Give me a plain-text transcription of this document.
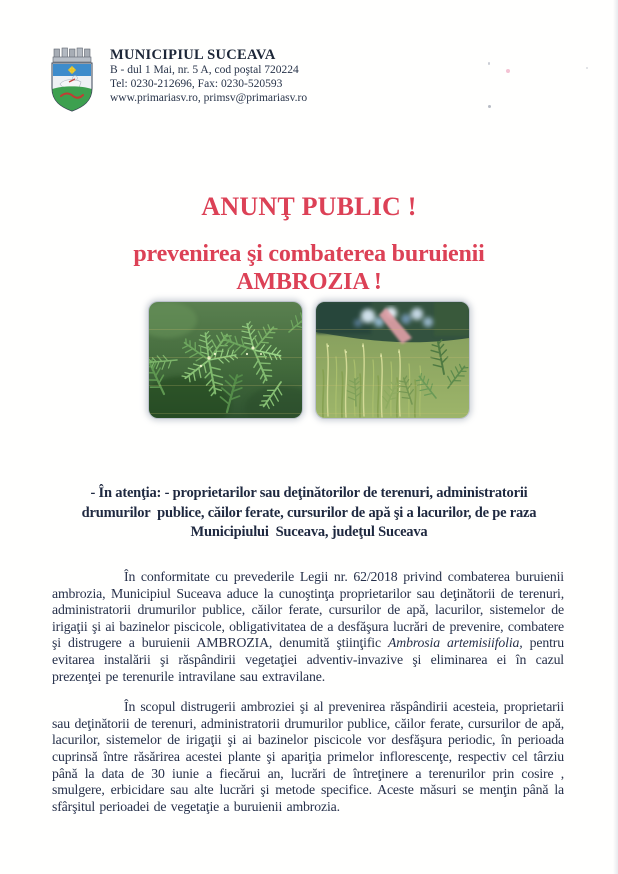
MUNICIPIUL SUCEAVA
B - dul 1 Mai, nr. 5 A, cod poştal 720224
Tel: 0230-212696, Fax: 0230-520593
www.primariasv.ro, primsv@primariasv.ro
ANUNŢ PUBLIC !
prevenirea şi combaterea buruienii
AMBROZIA !
- În atenţia: - proprietarilor sau deţinătorilor de terenuri, administratorii
drumurilor  publice, căilor ferate, cursurilor de apă şi a lacurilor, de pe raza
Municipiului  Suceava, judeţul Suceava

În conformitate cu prevederile Legii nr. 62/2018 privind combaterea buruienii ambrozia, Municipiul Suceava aduce la cunoştinţa proprietarilor sau deţinătorii de terenuri, administratorii drumurilor publice, căilor ferate, cursurilor de apă, lacurilor, sistemelor de irigaţii şi ai bazinelor piscicole, obligativitatea de a desfăşura lucrări de prevenire, combatere şi distrugere a buruienii AMBROZIA, denumită ştiinţific Ambrosia artemisiifolia, pentru evitarea instalării şi răspândirii vegetaţiei adventiv-invazive şi eliminarea ei în cazul prezenţei pe terenurile intravilane sau extravilane.

În scopul distrugerii ambroziei şi al prevenirea răspândirii acesteia, proprietarii sau deţinătorii de terenuri, administratorii drumurilor publice, căilor ferate, cursurilor de apă, lacurilor, sistemelor de irigaţii şi ai bazinelor piscicole vor desfăşura periodic, în perioada cuprinsă între răsărirea acestei plante şi apariţia primelor inflorescenţe, respectiv cel târziu până la data de 30 iunie a fiecărui an, lucrări de întreţinere a terenurilor prin cosire , smulgere, erbicidare sau alte lucrări şi metode specifice. Aceste măsuri se menţin până la sfârşitul perioadei de vegetaţie a buruienii ambrozia.
